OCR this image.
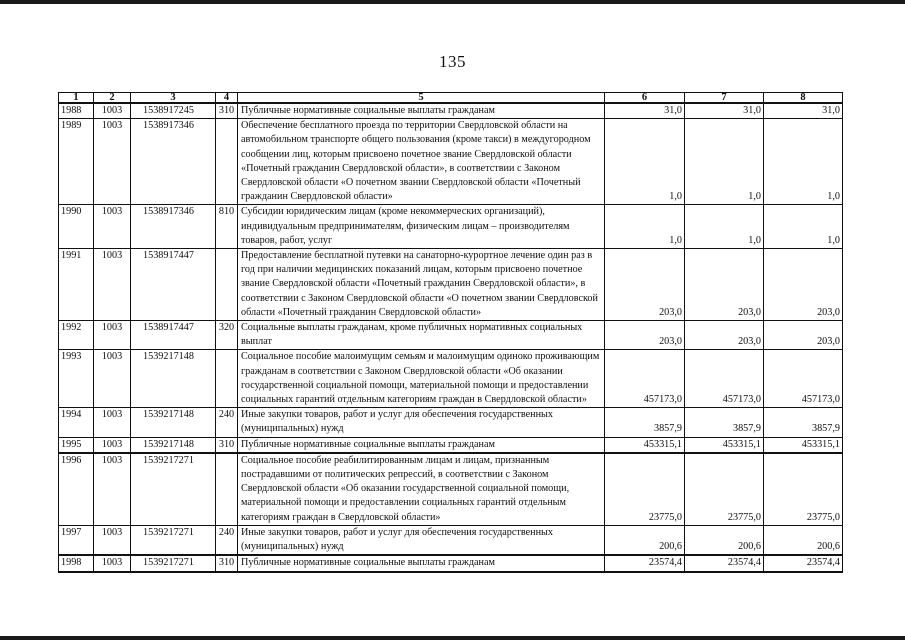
135
1	2	3	4	5	6	7	8
1988	1003	1538917245	310	Публичные нормативные социальные выплаты гражданам	31,0	31,0	31,0
1989	1003	1538917346		Обеспечение бесплатного проезда по территории Свердловской области на автомобильном транспорте общего пользования (кроме такси) в междугородном сообщении лиц, которым присвоено почетное звание Свердловской области «Почетный гражданин Свердловской области», в соответствии с Законом Свердловской области «О почетном звании Свердловской области «Почетный гражданин Свердловской области»	1,0	1,0	1,0
1990	1003	1538917346	810	Субсидии юридическим лицам (кроме некоммерческих организаций), индивидуальным предпринимателям, физическим лицам – производителям товаров, работ, услуг	1,0	1,0	1,0
1991	1003	1538917447		Предоставление бесплатной путевки на санаторно-курортное лечение один раз в год при наличии медицинских показаний лицам, которым присвоено почетное звание Свердловской области «Почетный гражданин Свердловской области», в соответствии с Законом Свердловской области «О почетном звании Свердловской области «Почетный гражданин Свердловской области»	203,0	203,0	203,0
1992	1003	1538917447	320	Социальные выплаты гражданам, кроме публичных нормативных социальных выплат	203,0	203,0	203,0
1993	1003	1539217148		Социальное пособие малоимущим семьям и малоимущим одиноко проживающим гражданам в соответствии с Законом Свердловской области «Об оказании государственной социальной помощи, материальной помощи и предоставлении социальных гарантий отдельным категориям граждан в Свердловской области»	457173,0	457173,0	457173,0
1994	1003	1539217148	240	Иные закупки товаров, работ и услуг для обеспечения государственных (муниципальных) нужд	3857,9	3857,9	3857,9
1995	1003	1539217148	310	Публичные нормативные социальные выплаты гражданам	453315,1	453315,1	453315,1
1996	1003	1539217271		Социальное пособие реабилитированным лицам и лицам, признанным пострадавшими от политических репрессий, в соответствии с Законом Свердловской области «Об оказании государственной социальной помощи, материальной помощи и предоставлении социальных гарантий отдельным категориям граждан в Свердловской области»	23775,0	23775,0	23775,0
1997	1003	1539217271	240	Иные закупки товаров, работ и услуг для обеспечения государственных (муниципальных) нужд	200,6	200,6	200,6
1998	1003	1539217271	310	Публичные нормативные социальные выплаты гражданам	23574,4	23574,4	23574,4
